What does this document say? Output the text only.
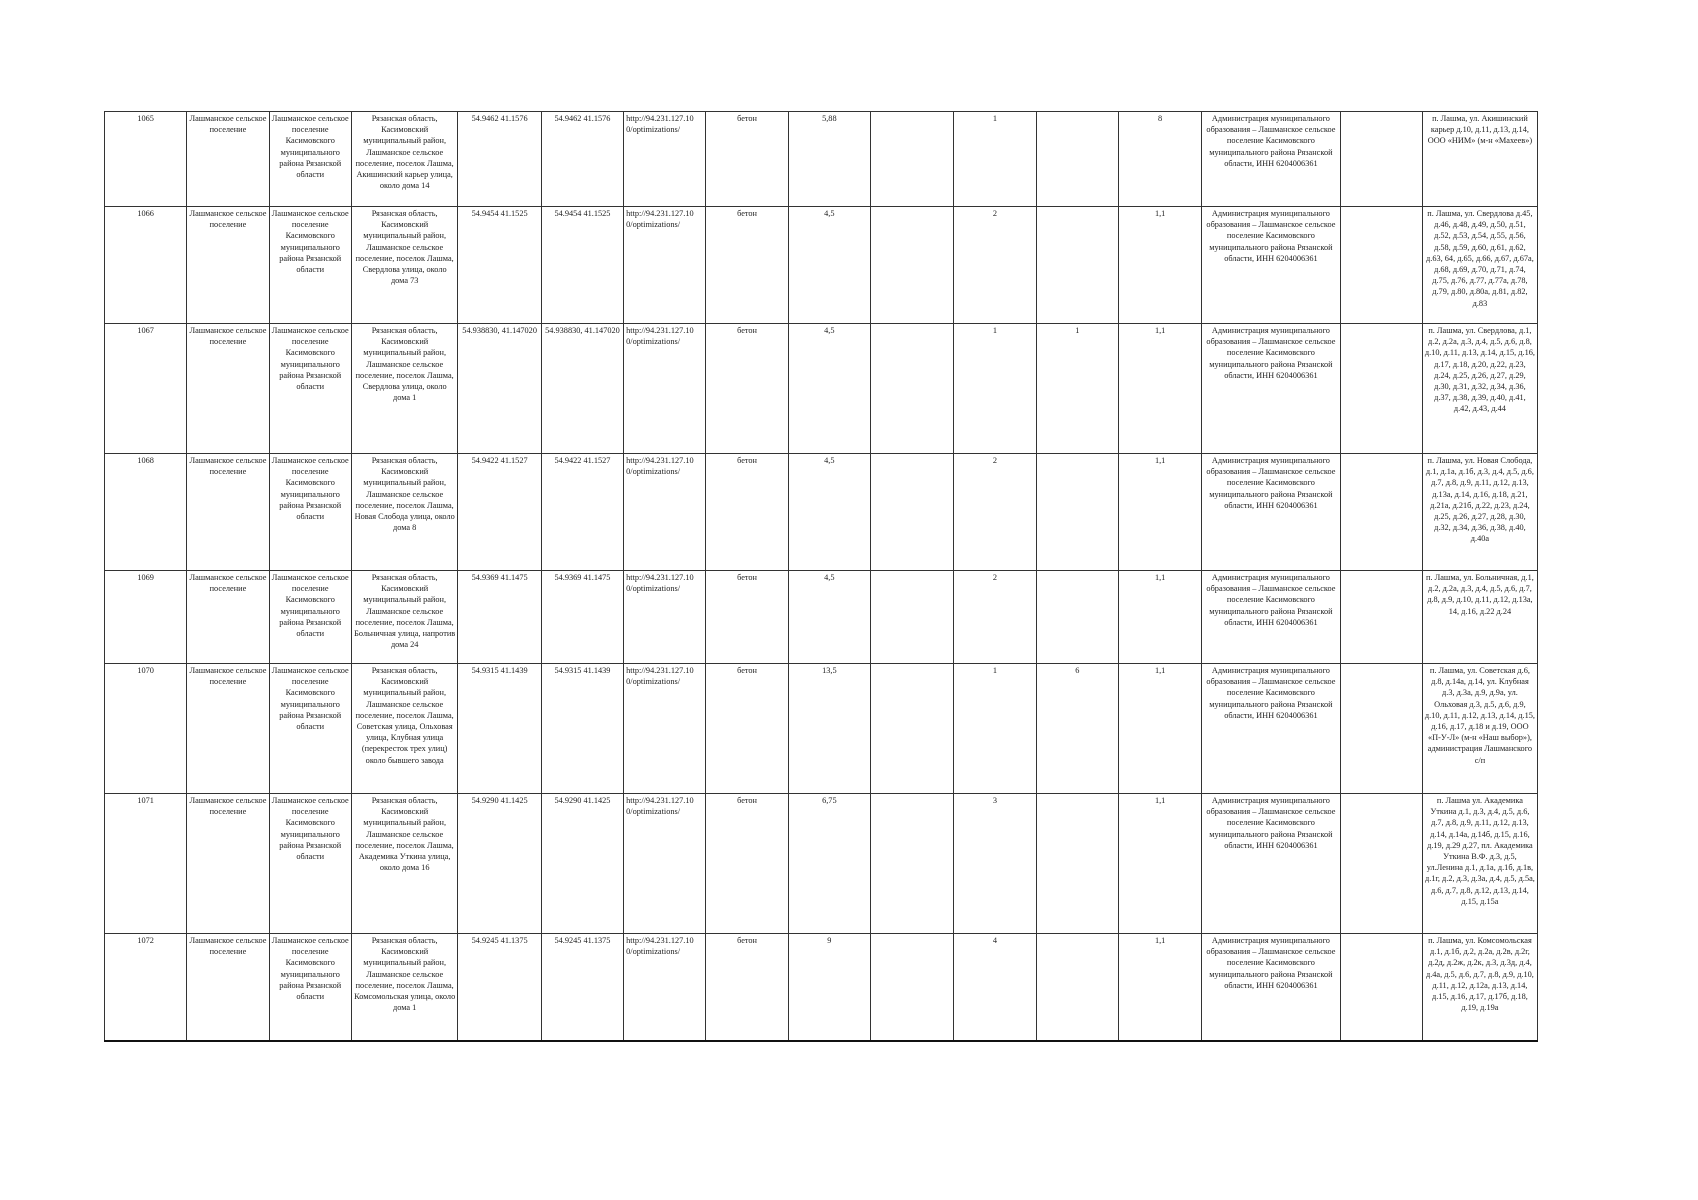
1065	Лашманское сельское поселение	Лашманское сельское поселение Касимовского муниципального района Рязанской области	Рязанская область, Касимовский муниципальный район, Лашманское сельское поселение, поселок Лашма, Акишинский карьер улица, около дома 14	54.9462 41.1576	54.9462 41.1576	http://94.231.127.10 0/optimizations/	бетон	5,88		1		8	Администрация муниципального образования – Лашманское сельское поселение Касимовского муниципального района Рязанской области, ИНН 6204006361		п. Лашма, ул. Акишинский карьер д.10, д.11, д.13, д.14, ООО «НИМ» (м-н «Махеев»)
1066	Лашманское сельское поселение	Лашманское сельское поселение Касимовского муниципального района Рязанской области	Рязанская область, Касимовский муниципальный район, Лашманское сельское поселение, поселок Лашма, Свердлова улица, около дома 73	54.9454 41.1525	54.9454 41.1525	http://94.231.127.10 0/optimizations/	бетон	4,5		2		1,1	Администрация муниципального образования – Лашманское сельское поселение Касимовского муниципального района Рязанской области, ИНН 6204006361		п. Лашма, ул. Свердлова д.45, д.46, д.48, д.49, д.50, д.51, д.52, д.53, д.54, д.55, д.56, д.58, д.59, д.60, д.61, д.62, д.63, 64, д.65, д.66, д.67, д.67а, д.68, д.69, д.70, д.71, д.74, д.75, д.76, д.77, д.77а, д.78, д.79, д.80, д.80а, д.81, д.82, д.83
1067	Лашманское сельское поселение	Лашманское сельское поселение Касимовского муниципального района Рязанской области	Рязанская область, Касимовский муниципальный район, Лашманское сельское поселение, поселок Лашма, Свердлова улица, около дома 1	54.938830, 41.147020	54.938830, 41.147020	http://94.231.127.10 0/optimizations/	бетон	4,5		1	1	1,1	Администрация муниципального образования – Лашманское сельское поселение Касимовского муниципального района Рязанской области, ИНН 6204006361		п. Лашма, ул. Свердлова, д.1, д.2, д.2а, д.3, д.4, д.5, д.6, д.8, д.10, д.11, д.13, д.14, д.15, д.16, д.17, д.18, д.20, д.22, д.23, д.24, д.25, д.26, д.27, д.29, д.30, д.31, д.32, д.34, д.36, д.37, д.38, д.39, д.40, д.41, д.42, д.43, д.44
1068	Лашманское сельское поселение	Лашманское сельское поселение Касимовского муниципального района Рязанской области	Рязанская область, Касимовский муниципальный район, Лашманское сельское поселение, поселок Лашма, Новая Слобода улица, около дома 8	54.9422 41.1527	54.9422 41.1527	http://94.231.127.10 0/optimizations/	бетон	4,5		2		1,1	Администрация муниципального образования – Лашманское сельское поселение Касимовского муниципального района Рязанской области, ИНН 6204006361		п. Лашма, ул. Новая Слобода, д.1, д.1а, д.1б, д.3, д.4, д.5, д.6, д.7, д.8, д.9, д.11, д.12, д.13, д.13а, д.14, д.16, д.18, д.21, д.21а, д.21б, д.22, д.23, д.24, д.25, д.26, д.27, д.28, д.30, д.32, д.34, д.36, д.38, д.40, д.40а
1069	Лашманское сельское поселение	Лашманское сельское поселение Касимовского муниципального района Рязанской области	Рязанская область, Касимовский муниципальный район, Лашманское сельское поселение, поселок Лашма, Больничная улица, напротив дома 24	54.9369 41.1475	54.9369 41.1475	http://94.231.127.10 0/optimizations/	бетон	4,5		2		1,1	Администрация муниципального образования – Лашманское сельское поселение Касимовского муниципального района Рязанской области, ИНН 6204006361		п. Лашма, ул. Больничная, д.1, д.2, д.2а, д.3, д.4, д.5, д.6, д.7, д.8, д.9, д.10, д.11, д.12, д.13а, 14, д.16, д.22 д.24
1070	Лашманское сельское поселение	Лашманское сельское поселение Касимовского муниципального района Рязанской области	Рязанская область, Касимовский муниципальный район, Лашманское сельское поселение, поселок Лашма, Советская улица, Ольховая улица, Клубная улица (перекресток трех улиц) около бывшего завода	54.9315 41.1439	54.9315 41.1439	http://94.231.127.10 0/optimizations/	бетон	13,5		1	6	1,1	Администрация муниципального образования – Лашманское сельское поселение Касимовского муниципального района Рязанской области, ИНН 6204006361		п. Лашма, ул. Советская д.6, д.8, д.14а, д.14, ул. Клубная д.3, д.3а, д.9, д.9а, ул. Ольховая д.3, д.5, д.6, д.9, д.10, д.11, д.12, д.13, д.14, д.15, д.16, д.17, д.18 и д.19, ООО «П-У-Л» (м-н «Наш выбор»), администрация Лашманского с/п
1071	Лашманское сельское поселение	Лашманское сельское поселение Касимовского муниципального района Рязанской области	Рязанская область, Касимовский муниципальный район, Лашманское сельское поселение, поселок Лашма, Академика Уткина улица, около дома 16	54.9290 41.1425	54.9290 41.1425	http://94.231.127.10 0/optimizations/	бетон	6,75		3		1,1	Администрация муниципального образования – Лашманское сельское поселение Касимовского муниципального района Рязанской области, ИНН 6204006361		п. Лашма ул. Академика Уткина д.1, д.3, д.4, д.5, д.6, д.7, д.8, д.9, д.11, д.12, д.13, д.14, д.14а, д.14б, д.15, д.16, д.19, д.29 д.27, пл. Академика Уткина В.Ф. д.3, д.5, ул.Ленина д.1, д.1а, д.1б, д.1в, д.1г, д.2, д.3, д.3а, д.4, д.5, д.5а, д.6, д.7, д.8, д.12, д.13, д.14, д.15, д.15а
1072	Лашманское сельское поселение	Лашманское сельское поселение Касимовского муниципального района Рязанской области	Рязанская область, Касимовский муниципальный район, Лашманское сельское поселение, поселок Лашма, Комсомольская улица, около дома 1	54.9245 41.1375	54.9245 41.1375	http://94.231.127.10 0/optimizations/	бетон	9		4		1,1	Администрация муниципального образования – Лашманское сельское поселение Касимовского муниципального района Рязанской области, ИНН 6204006361		п. Лашма, ул. Комсомольская д.1, д.1б, д.2, д.2а, д.2в, д.2г, д.2д, д.2ж, д.2к, д.3, д.3д, д.4, д.4а, д.5, д.6, д.7, д.8, д.9, д.10, д.11, д.12, д.12а, д.13, д.14, д.15, д.16, д.17, д.17б, д.18, д.19, д.19а
